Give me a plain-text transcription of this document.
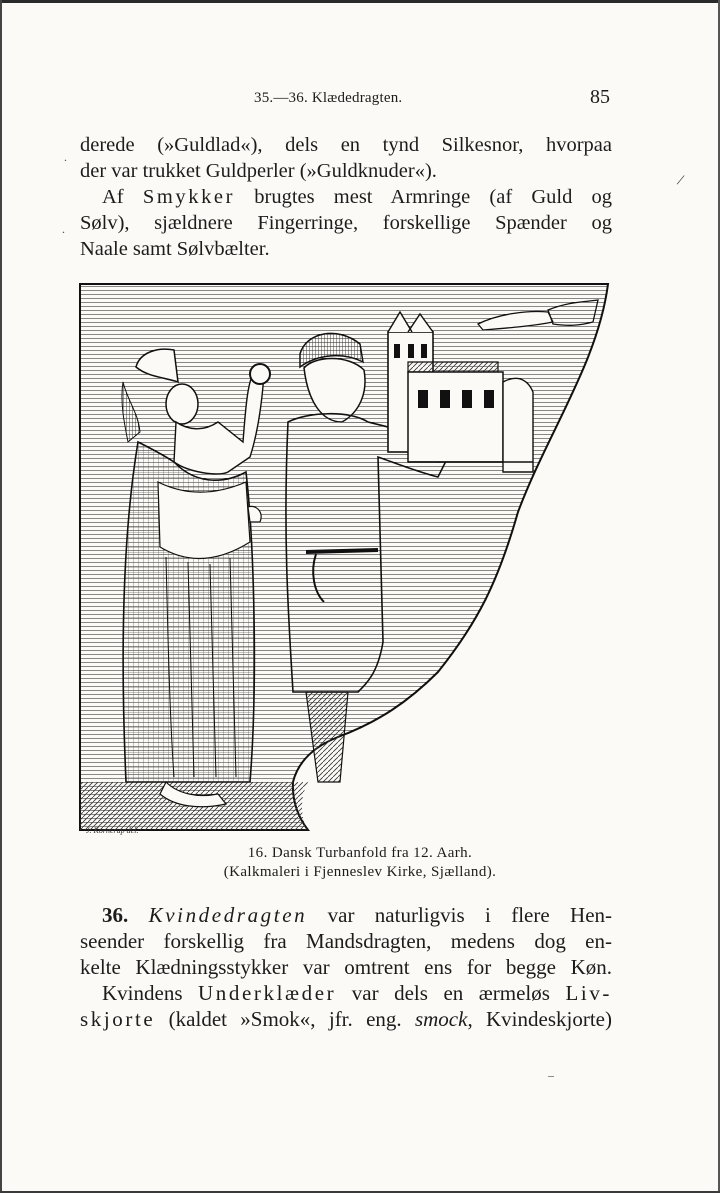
35.—36. Klædedragten.	85
derede (»Guldlad«), dels en tynd Silkesnor, hvorpaa
der var trukket Guldperler (»Guldknuder«).
Af Smykker brugtes mest Armringe (af Guld og
Sølv), sjældnere Fingerringe, forskellige Spænder og
Naale samt Sølvbælter.
.
.
/
J. Kornerup del.
16. Dansk Turbanfold fra 12. Aarh.
(Kalkmaleri i Fjenneslev Kirke, Sjælland).
36. Kvindedragten var naturligvis i flere Hen-
seender forskellig fra Mandsdragten, medens dog en-
kelte Klædningsstykker var omtrent ens for begge Køn.
Kvindens Underklæder var dels en ærmeløs Liv-
skjorte (kaldet »Smok«, jfr. eng. smock, Kvindeskjorte)
‒
